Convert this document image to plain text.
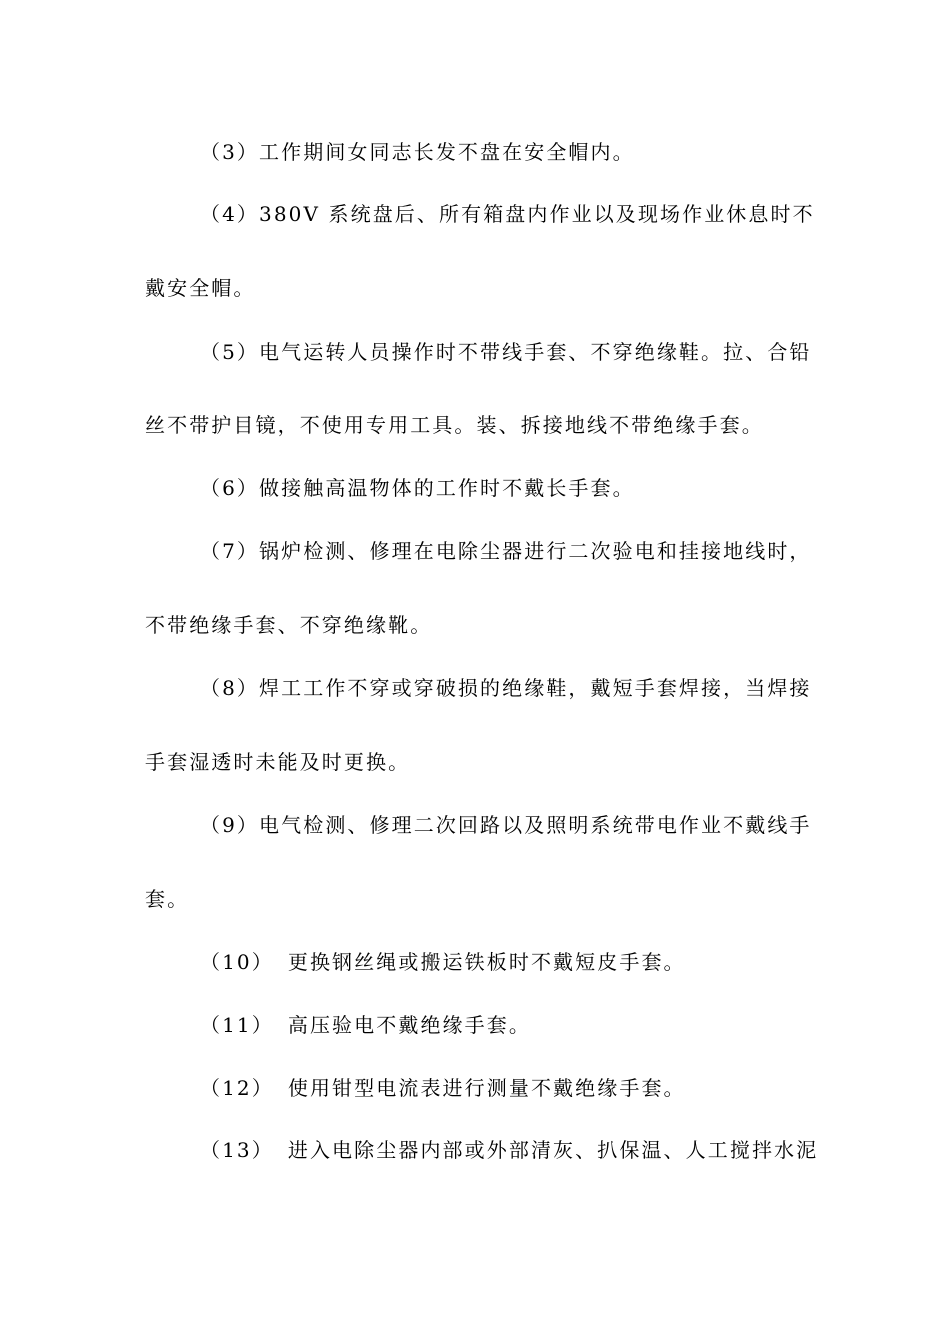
（3）工作期间女同志长发不盘在安全帽内。
（4）380V 系统盘后、所有箱盘内作业以及现场作业休息时不
戴安全帽。
（5）电气运转人员操作时不带线手套、不穿绝缘鞋。拉、合铅
丝不带护目镜，不使用专用工具。装、拆接地线不带绝缘手套。
（6）做接触高温物体的工作时不戴长手套。
（7）锅炉检测、修理在电除尘器进行二次验电和挂接地线时，
不带绝缘手套、不穿绝缘靴。
（8）焊工工作不穿或穿破损的绝缘鞋，戴短手套焊接，当焊接
手套湿透时未能及时更换。
（9）电气检测、修理二次回路以及照明系统带电作业不戴线手
套。
（10） 更换钢丝绳或搬运铁板时不戴短皮手套。
（11） 高压验电不戴绝缘手套。
（12） 使用钳型电流表进行测量不戴绝缘手套。
（13） 进入电除尘器内部或外部清灰、扒保温、人工搅拌水泥
